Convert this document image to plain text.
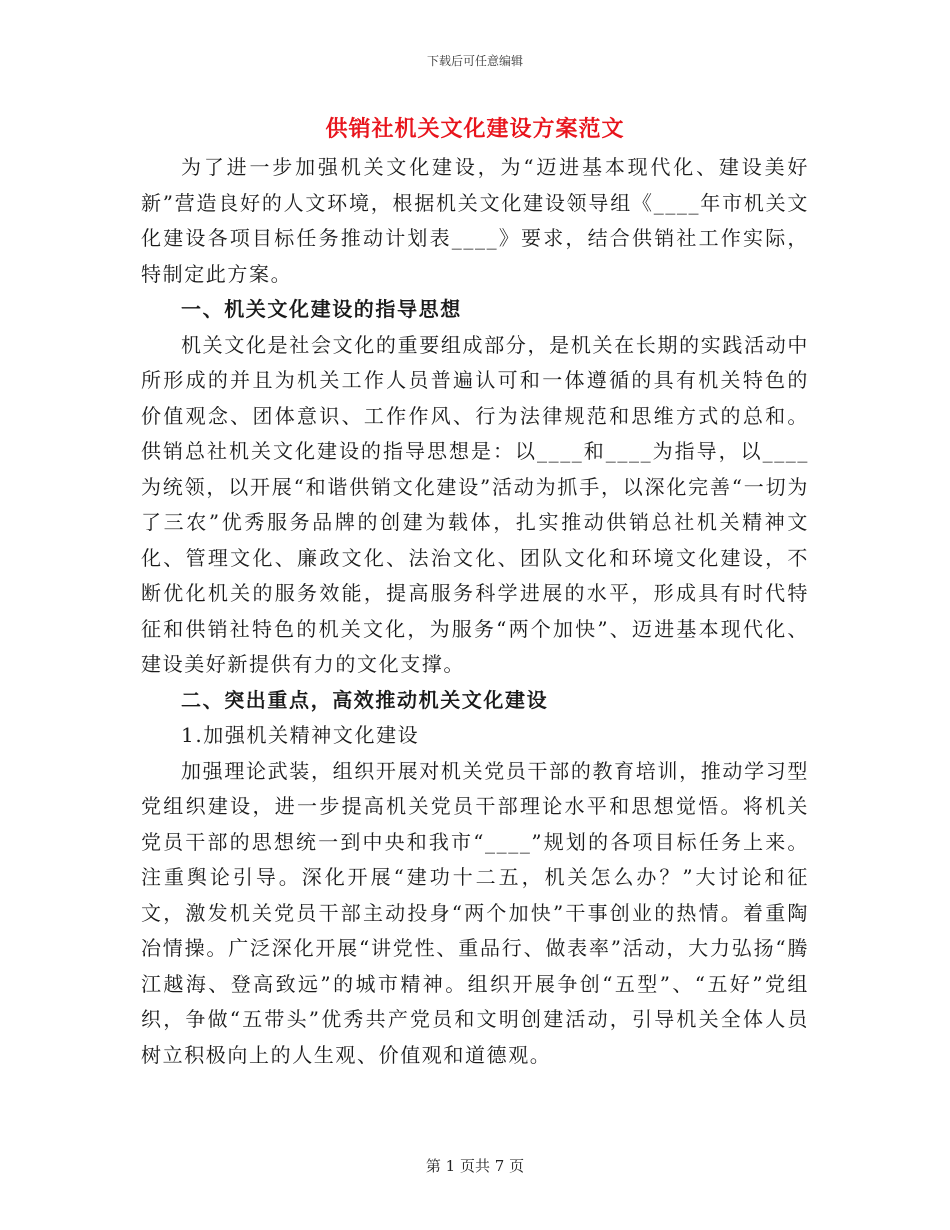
下载后可任意编辑
供销社机关文化建设方案范文

为了进一步加强机关文化建设，为“迈进基本现代化、建设美好新”营造良好的人文环境，根据机关文化建设领导组《____年市机关文化建设各项目标任务推动计划表____》要求，结合供销社工作实际，特制定此方案。

一、机关文化建设的指导思想

机关文化是社会文化的重要组成部分，是机关在长期的实践活动中所形成的并且为机关工作人员普遍认可和一体遵循的具有机关特色的价值观念、团体意识、工作作风、行为法律规范和思维方式的总和。供销总社机关文化建设的指导思想是：以____和____为指导，以____为统领，以开展“和谐供销文化建设”活动为抓手，以深化完善“一切为了三农”优秀服务品牌的创建为载体，扎实推动供销总社机关精神文化、管理文化、廉政文化、法治文化、团队文化和环境文化建设，不断优化机关的服务效能，提高服务科学进展的水平，形成具有时代特征和供销社特色的机关文化，为服务“两个加快”、迈进基本现代化、建设美好新提供有力的文化支撑。

二、突出重点，高效推动机关文化建设
1.加强机关精神文化建设

加强理论武装，组织开展对机关党员干部的教育培训，推动学习型党组织建设，进一步提高机关党员干部理论水平和思想觉悟。将机关党员干部的思想统一到中央和我市“____”规划的各项目标任务上来。注重舆论引导。深化开展“建功十二五，机关怎么办？”大讨论和征文，激发机关党员干部主动投身“两个加快”干事创业的热情。着重陶冶情操。广泛深化开展“讲党性、重品行、做表率”活动，大力弘扬“腾江越海、登高致远”的城市精神。组织开展争创“五型”、“五好”党组织，争做“五带头”优秀共产党员和文明创建活动，引导机关全体人员树立积极向上的人生观、价值观和道德观。

第 1 页共 7 页
